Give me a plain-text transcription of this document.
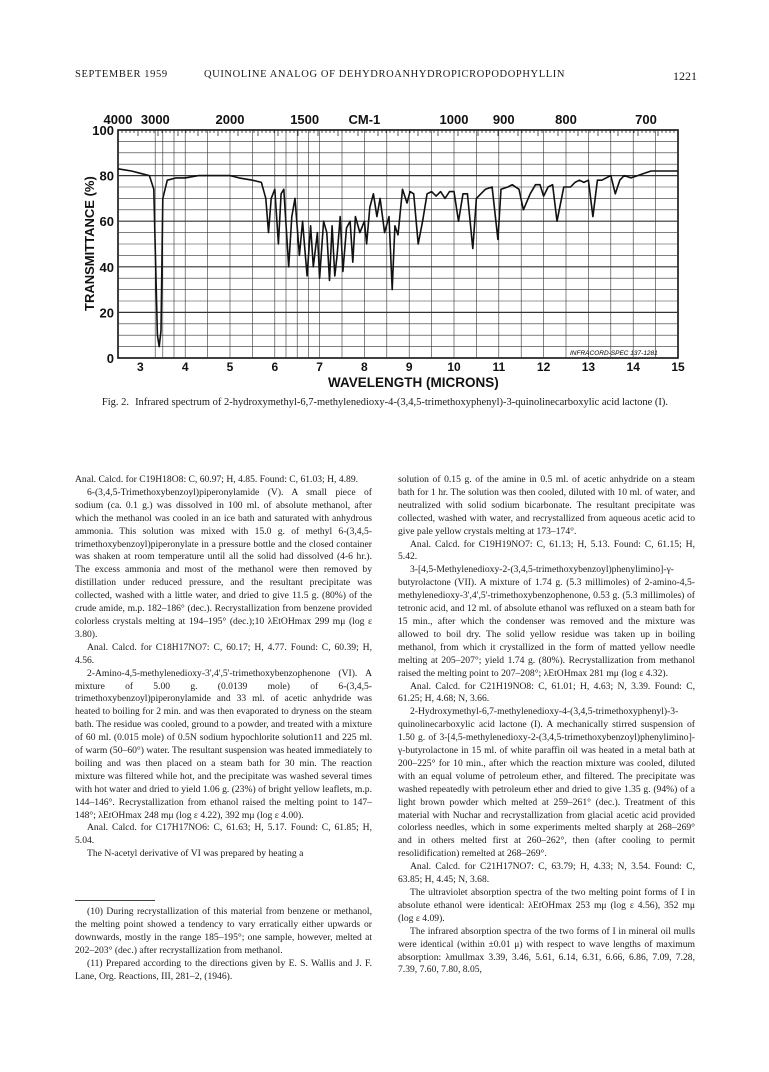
SEPTEMBER 1959	QUINOLINE ANALOG OF DEHYDROANHYDROPICROPODOPHYLLIN	1221
4000 3000	2000	1500 CM-1	1000 900	800	700
0
20
40
60
80
100
3	4	5	6	7	8	9	10	11	12	13	14	15
TRANSMITTANCE (%)
WAVELENGTH (MICRONS)
INFRACORD-SPEC 137-1281
Fig. 2. Infrared spectrum of 2-hydroxymethyl-6,7-methylenedioxy-4-(3,4,5-trimethoxyphenyl)-3-quinolinecarboxylic acid lactone (I).

Anal. Calcd. for C19H18O8: C, 60.97; H, 4.85. Found: C, 61.03; H, 4.89.

6-(3,4,5-Trimethoxybenzoyl)piperonylamide (V). A small piece of sodium (ca. 0.1 g.) was dissolved in 100 ml. of absolute methanol, after which the methanol was cooled in an ice bath and saturated with anhydrous ammonia. This solution was mixed with 15.0 g. of methyl 6-(3,4,5-trimethoxybenzoyl)piperonylate in a pressure bottle and the closed container was shaken at room temperature until all the solid had dissolved (4-6 hr.). The excess ammonia and most of the methanol were then removed by distillation under reduced pressure, and the resultant precipitate was collected, washed with a little water, and dried to give 11.5 g. (80%) of the crude amide, m.p. 182–186° (dec.). Recrystallization from benzene provided colorless crystals melting at 194–195° (dec.);10 λEtOHmax 299 mμ (log ε 3.80).

Anal. Calcd. for C18H17NO7: C, 60.17; H, 4.77. Found: C, 60.39; H, 4.56.

2-Amino-4,5-methylenedioxy-3',4',5'-trimethoxybenzophenone (VI). A mixture of 5.00 g. (0.0139 mole) of 6-(3,4,5-trimethoxybenzoyl)piperonylamide and 33 ml. of acetic anhydride was heated to boiling for 2 min. and was then evaporated to dryness on the steam bath. The residue was cooled, ground to a powder, and treated with a mixture of 60 ml. (0.015 mole) of 0.5N sodium hypochlorite solution11 and 225 ml. of warm (50–60°) water. The resultant suspension was heated immediately to boiling and was then placed on a steam bath for 30 min. The reaction mixture was filtered while hot, and the precipitate was washed several times with hot water and dried to yield 1.06 g. (23%) of bright yellow leaflets, m.p. 144–146°. Recrystallization from ethanol raised the melting point to 147–148°; λEtOHmax 248 mμ (log ε 4.22), 392 mμ (log ε 4.00).

Anal. Calcd. for C17H17NO6: C, 61.63; H, 5.17. Found: C, 61.85; H, 5.04.

The N-acetyl derivative of VI was prepared by heating a

solution of 0.15 g. of the amine in 0.5 ml. of acetic anhydride on a steam bath for 1 hr. The solution was then cooled, diluted with 10 ml. of water, and neutralized with solid sodium bicarbonate. The resultant precipitate was collected, washed with water, and recrystallized from aqueous acetic acid to give pale yellow crystals melting at 173–174°.

Anal. Calcd. for C19H19NO7: C, 61.13; H, 5.13. Found: C, 61.15; H, 5.42.

3-[4,5-Methylenedioxy-2-(3,4,5-trimethoxybenzoyl)phenylimino]-γ-butyrolactone (VII). A mixture of 1.74 g. (5.3 millimoles) of 2-amino-4,5-methylenedioxy-3',4',5'-trimethoxybenzophenone, 0.53 g. (5.3 millimoles) of tetronic acid, and 12 ml. of absolute ethanol was refluxed on a steam bath for 15 min., after which the condenser was removed and the mixture was allowed to boil dry. The solid yellow residue was taken up in boiling methanol, from which it crystallized in the form of matted yellow needle melting at 205–207°; yield 1.74 g. (80%). Recrystallization from methanol raised the melting point to 207–208°; λEtOHmax 281 mμ (log ε 4.32).

Anal. Calcd. for C21H19NO8: C, 61.01; H, 4.63; N, 3.39. Found: C, 61.25; H, 4.68; N, 3.66.

2-Hydroxymethyl-6,7-methylenedioxy-4-(3,4,5-trimethoxyphenyl)-3-quinolinecarboxylic acid lactone (I). A mechanically stirred suspension of 1.50 g. of 3-[4,5-methylenedioxy-2-(3,4,5-trimethoxybenzoyl)phenylimino]-γ-butyrolactone in 15 ml. of white paraffin oil was heated in a metal bath at 200–225° for 10 min., after which the reaction mixture was cooled, diluted with an equal volume of petroleum ether, and filtered. The precipitate was washed repeatedly with petroleum ether and dried to give 1.35 g. (94%) of a light brown powder which melted at 259–261° (dec.). Treatment of this material with Nuchar and recrystallization from glacial acetic acid provided colorless needles, which in some experiments melted sharply at 268–269° and in others melted first at 260–262°, then (after cooling to permit resolidification) remelted at 268–269°.

Anal. Calcd. for C21H17NO7: C, 63.79; H, 4.33; N, 3.54. Found: C, 63.85; H, 4.45; N, 3.68.

The ultraviolet absorption spectra of the two melting point forms of I in absolute ethanol were identical: λEtOHmax 253 mμ (log ε 4.56), 352 mμ (log ε 4.09).

The infrared absorption spectra of the two forms of I in mineral oil mulls were identical (within ±0.01 μ) with respect to wave lengths of maximum absorption: λmullmax 3.39, 3.46, 5.61, 6.14, 6.31, 6.66, 6.86, 7.09, 7.28, 7.39, 7.60, 7.80, 8.05,

(10) During recrystallization of this material from benzene or methanol, the melting point showed a tendency to vary erratically either upwards or downwards, mostly in the range 185–195°; one sample, however, melted at 202–203° (dec.) after recrystallization from methanol.

(11) Prepared according to the directions given by E. S. Wallis and J. F. Lane, Org. Reactions, III, 281–2, (1946).
